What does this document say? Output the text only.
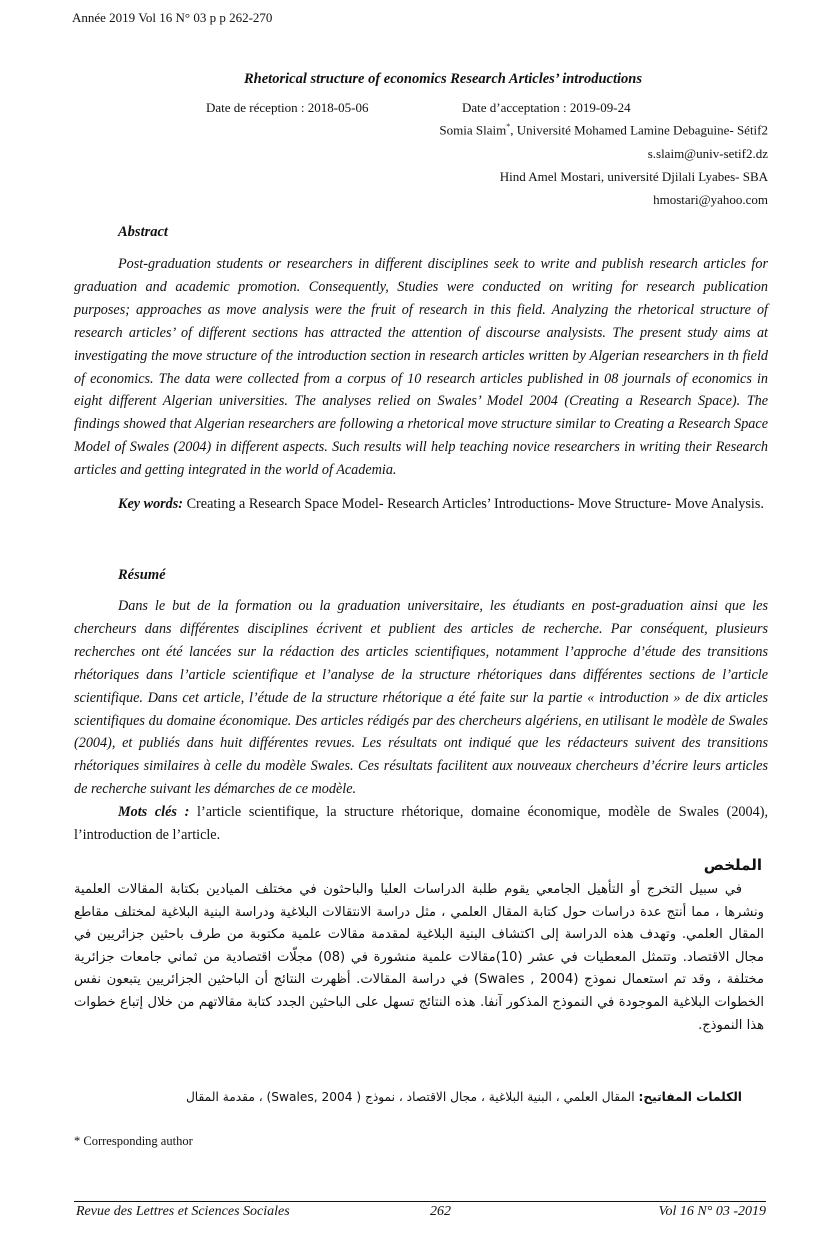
Année 2019 Vol 16 N° 03 p p 262-270
Rhetorical structure of economics Research Articles’ introductions
Date de réception : 2018-05-06	Date d’acceptation : 2019-09-24
Somia Slaim*, Université Mohamed Lamine Debaguine- Sétif2
s.slaim@univ-setif2.dz
Hind Amel Mostari, université Djilali Lyabes- SBA
hmostari@yahoo.com
Abstract

Post-graduation students or researchers in different disciplines seek to write and publish research articles for graduation and academic promotion. Consequently, Studies were conducted on writing for research publication purposes; approaches as move analysis were the fruit of research in this field. Analyzing the rhetorical structure of research articles’ of different sections has attracted the attention of discourse analysists. The present study aims at investigating the move structure of the introduction section in research articles written by Algerian researchers in th field of economics. The data were collected from a corpus of 10 research articles published in 08 journals of economics in eight different Algerian universities. The analyses relied on Swales’ Model 2004 (Creating a Research Space). The findings showed that Algerian researchers are following a rhetorical move structure similar to Creating a Research Space Model of Swales (2004) in different aspects. Such results will help teaching novice researchers in writing their Research articles and getting integrated in the world of Academia.

Key words: Creating a Research Space Model- Research Articles’ Introductions- Move Structure- Move Analysis.

Résumé

Dans le but de la formation ou la graduation universitaire, les étudiants en post-graduation ainsi que les chercheurs dans différentes disciplines écrivent et publient des articles de recherche. Par conséquent, plusieurs recherches ont été lancées sur la rédaction des articles scientifiques, notamment l’approche d’étude des transitions rhétoriques dans l’article scientifique et l’analyse de la structure rhétoriques dans différentes sections de l’article scientifique. Dans cet article, l’étude de la structure rhétorique a été faite sur la partie « introduction » de dix articles scientifiques du domaine économique. Des articles rédigés par des chercheurs algériens, en utilisant le modèle de Swales (2004), et publiés dans huit différentes revues. Les résultats ont indiqué que les rédacteurs suivent des transitions rhétoriques similaires à celle du modèle Swales. Ces résultats facilitent aux nouveaux chercheurs d’écrire leurs articles de recherche suivant les démarches de ce modèle.

Mots clés : l’article scientifique, la structure rhétorique, domaine économique, modèle de Swales (2004), l’introduction de l’article.

الملخص

في سبيل التخرج أو التأهيل الجامعي يقوم طلبة الدراسات العليا والباحثون في مختلف الميادين بكتابة المقالات العلمية ونشرها ، مما أنتج عدة دراسات حول كتابة المقال العلمي ، مثل دراسة الانتقالات البلاغية ودراسة البنية البلاغية لمختلف مقاطع المقال العلمي. وتهدف هذه الدراسة إلى اكتشاف البنية البلاغية لمقدمة مقالات علمية مكتوبة من طرف باحثين جزائريين في مجال الاقتصاد. وتتمثل المعطيات في عشر (10)مقالات علمية منشورة في (08) مجلّات اقتصادية من ثماني جامعات جزائرية مختلفة ، وقد تم استعمال نموذج (Swales , 2004) في دراسة المقالات. أظهرت النتائج أن الباحثين الجزائريين يتبعون نفس الخطوات البلاغية الموجودة في النموذج المذكور آنفا. هذه النتائج تسهل على الباحثين الجدد كتابة مقالاتهم من خلال إتباع خطوات هذا النموذج.

الكلمات المفاتيح: المقال العلمي ، البنية البلاغية ، مجال الاقتصاد ، نموذج ( Swales, 2004) ، مقدمة المقال
* Corresponding author
Revue des Lettres et Sciences Sociales	262	Vol 16 N° 03 -2019
